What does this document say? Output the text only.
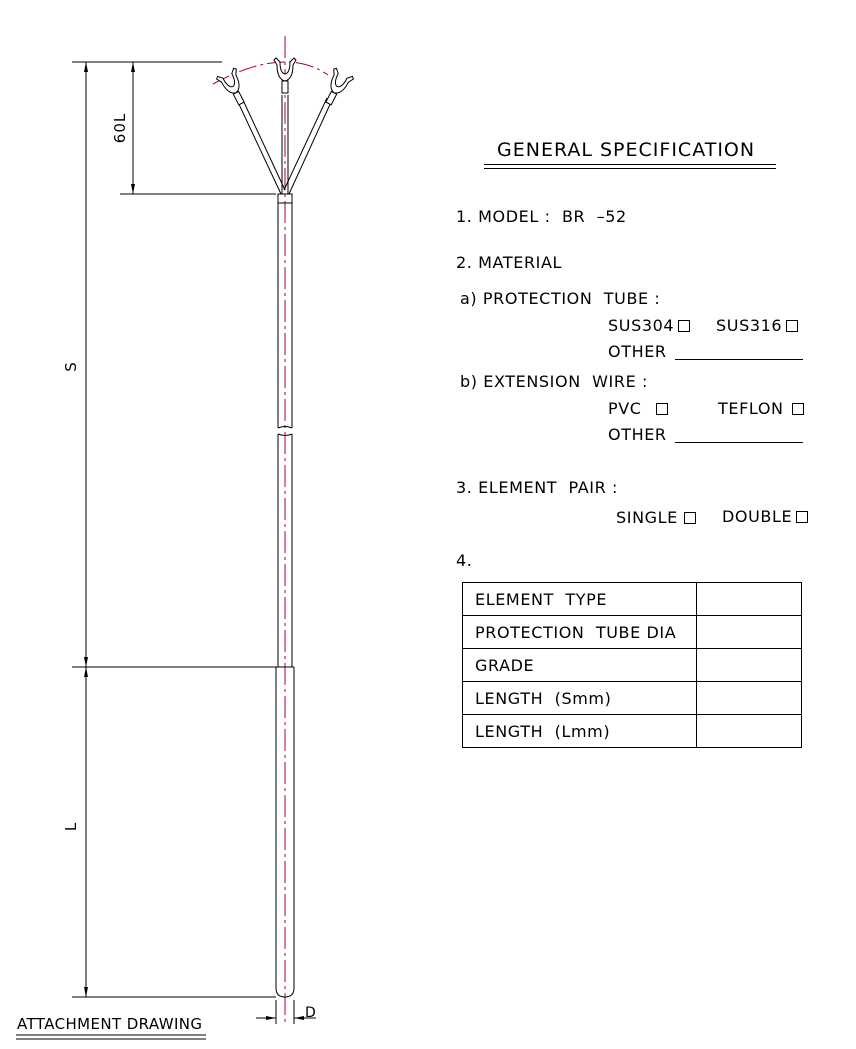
60L
S
L
D
ATTACHMENT DRAWING
GENERAL SPECIFICATION
1. MODEL :  BR  –52
2. MATERIAL
a) PROTECTION  TUBE :
SUS304	SUS316
OTHER
b) EXTENSION  WIRE :
PVC	TEFLON
OTHER
3. ELEMENT  PAIR :
SINGLE	DOUBLE
4.
ELEMENT  TYPE	
PROTECTION  TUBE DIA	
GRADE	
LENGTH  (Smm)	
LENGTH  (Lmm)	
